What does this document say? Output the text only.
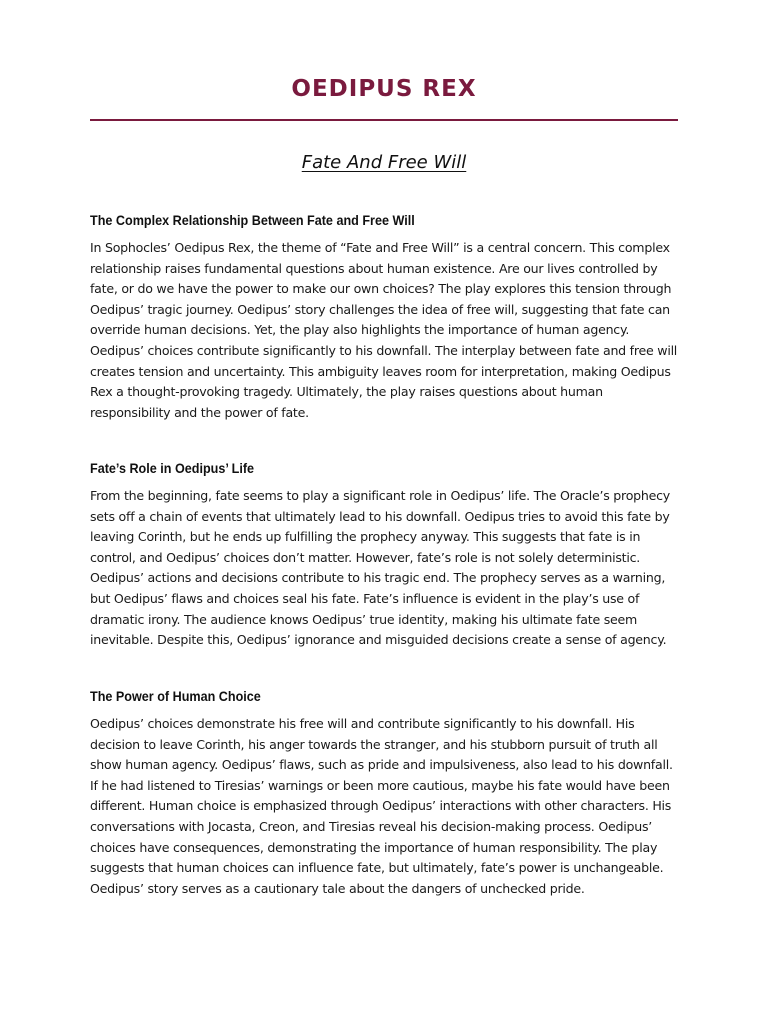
OEDIPUS REX
Fate And Free Will
The Complex Relationship Between Fate and Free Will

In Sophocles’ Oedipus Rex, the theme of “Fate and Free Will” is a central concern. This complex relationship raises fundamental questions about human existence. Are our lives controlled by fate, or do we have the power to make our own choices? The play explores this tension through Oedipus’ tragic journey. Oedipus’ story challenges the idea of free will, suggesting that fate can override human decisions. Yet, the play also highlights the importance of human agency. Oedipus’ choices contribute significantly to his downfall. The interplay between fate and free will creates tension and uncertainty. This ambiguity leaves room for interpretation, making Oedipus Rex a thought-provoking tragedy. Ultimately, the play raises questions about human responsibility and the power of fate.

Fate’s Role in Oedipus’ Life

From the beginning, fate seems to play a significant role in Oedipus’ life. The Oracle’s prophecy sets off a chain of events that ultimately lead to his downfall. Oedipus tries to avoid this fate by leaving Corinth, but he ends up fulfilling the prophecy anyway. This suggests that fate is in control, and Oedipus’ choices don’t matter. However, fate’s role is not solely deterministic. Oedipus’ actions and decisions contribute to his tragic end. The prophecy serves as a warning, but Oedipus’ flaws and choices seal his fate. Fate’s influence is evident in the play’s use of dramatic irony. The audience knows Oedipus’ true identity, making his ultimate fate seem inevitable. Despite this, Oedipus’ ignorance and misguided decisions create a sense of agency.

The Power of Human Choice

Oedipus’ choices demonstrate his free will and contribute significantly to his downfall. His decision to leave Corinth, his anger towards the stranger, and his stubborn pursuit of truth all show human agency. Oedipus’ flaws, such as pride and impulsiveness, also lead to his downfall. If he had listened to Tiresias’ warnings or been more cautious, maybe his fate would have been different. Human choice is emphasized through Oedipus’ interactions with other characters. His conversations with Jocasta, Creon, and Tiresias reveal his decision-making process. Oedipus’ choices have consequences, demonstrating the importance of human responsibility. The play suggests that human choices can influence fate, but ultimately, fate’s power is unchangeable. Oedipus’ story serves as a cautionary tale about the dangers of unchecked pride.
